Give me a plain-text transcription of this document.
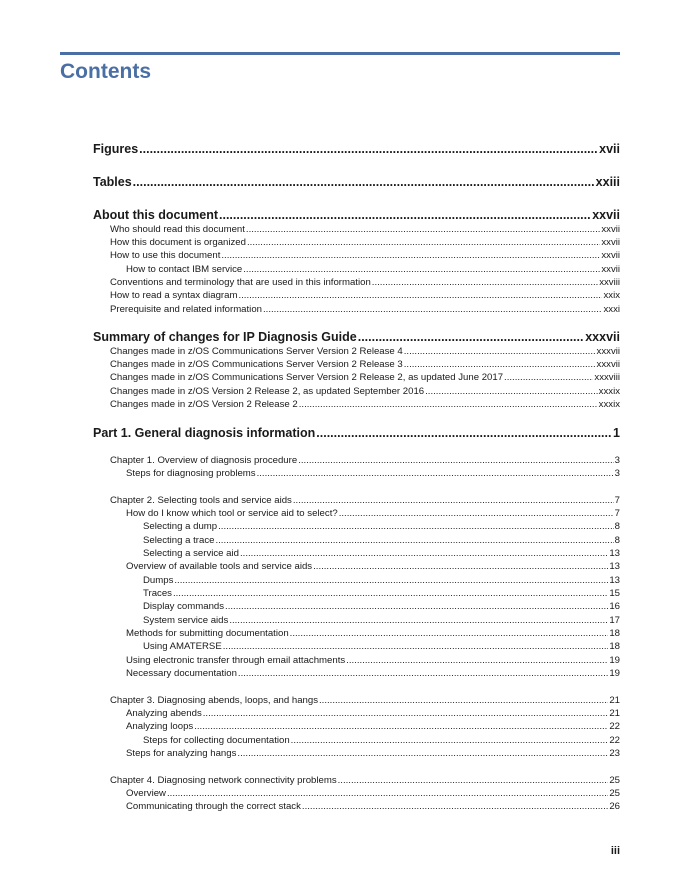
Contents
Figures .....	xvii
Tables .....	xxiii
About this document .....	xxvii
Who should read this document .....	xxvii
How this document is organized .....	xxvii
How to use this document .....	xxvii
How to contact IBM service .....	xxvii
Conventions and terminology that are used in this information .....	xxviii
How to read a syntax diagram .....	xxix
Prerequisite and related information .....	xxxi
Summary of changes for IP Diagnosis Guide .....	xxxvii
Changes made in z/OS Communications Server Version 2 Release 4 .....	xxxvii
Changes made in z/OS Communications Server Version 2 Release 3 .....	xxxvii
Changes made in z/OS Communications Server Version 2 Release 2, as updated June 2017 .....	xxxviii
Changes made in z/OS Version 2 Release 2, as updated September 2016 .....	xxxix
Changes made in z/OS Version 2 Release 2 .....	xxxix
Part 1. General diagnosis information .....	1
Chapter 1. Overview of diagnosis procedure .....	3
Steps for diagnosing problems .....	3
Chapter 2. Selecting tools and service aids .....	7
How do I know which tool or service aid to select? .....	7
Selecting a dump .....	8
Selecting a trace .....	8
Selecting a service aid .....	13
Overview of available tools and service aids .....	13
Dumps .....	13
Traces .....	15
Display commands .....	16
System service aids .....	17
Methods for submitting documentation .....	18
Using AMATERSE .....	18
Using electronic transfer through email attachments .....	19
Necessary documentation .....	19
Chapter 3. Diagnosing abends, loops, and hangs .....	21
Analyzing abends .....	21
Analyzing loops .....	22
Steps for collecting documentation .....	22
Steps for analyzing hangs .....	23
Chapter 4. Diagnosing network connectivity problems .....	25
Overview .....	25
Communicating through the correct stack .....	26
iii
